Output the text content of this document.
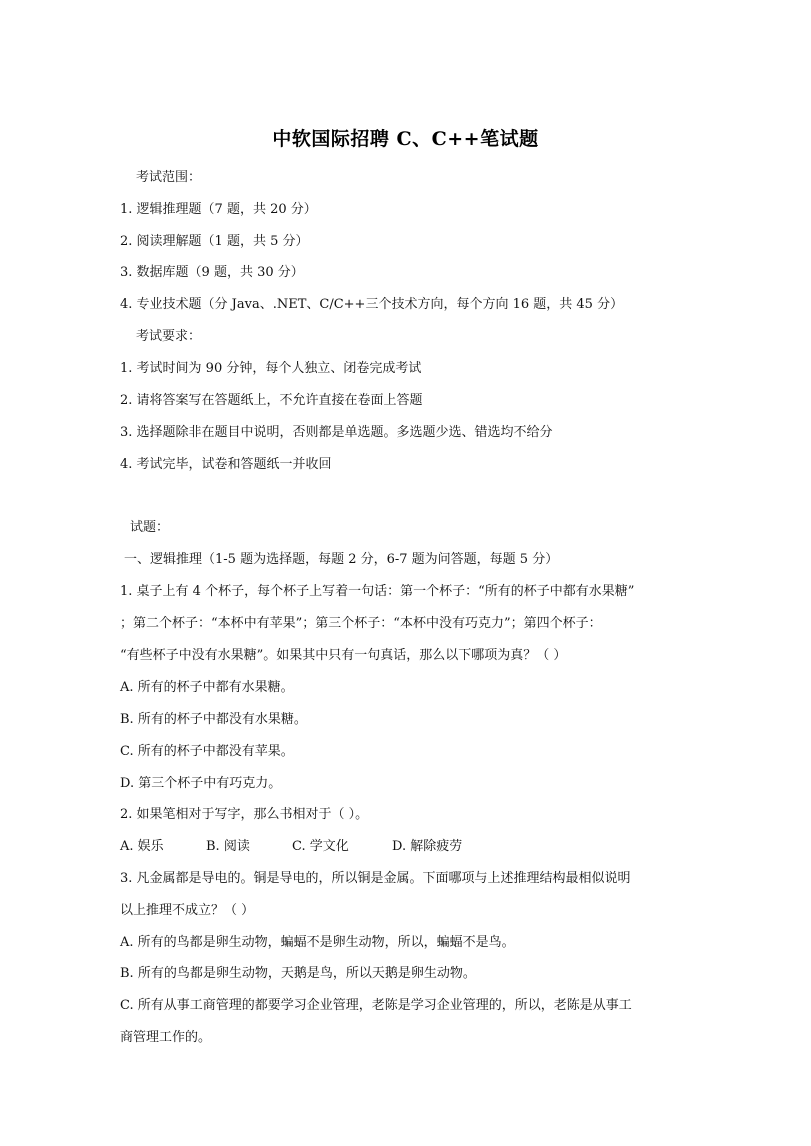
中软国际招聘 C、C++笔试题
考试范围：
1. 逻辑推理题（7 题，共 20 分）
2. 阅读理解题（1 题，共 5 分）
3. 数据库题（9 题，共 30 分）
4. 专业技术题（分 Java、.NET、C/C++三个技术方向，每个方向 16 题，共 45 分）
考试要求：
1. 考试时间为 90 分钟，每个人独立、闭卷完成考试
2. 请将答案写在答题纸上，不允许直接在卷面上答题
3. 选择题除非在题目中说明，否则都是单选题。多选题少选、错选均不给分
4. 考试完毕，试卷和答题纸一并收回
试题：
一、逻辑推理（1-5 题为选择题，每题 2 分，6-7 题为问答题，每题 5 分）
1. 桌子上有 4 个杯子，每个杯子上写着一句话：第一个杯子：“所有的杯子中都有水果糖”
；第二个杯子：“本杯中有苹果”；第三个杯子：“本杯中没有巧克力”；第四个杯子：
“有些杯子中没有水果糖”。如果其中只有一句真话，那么以下哪项为真？（ ）
A. 所有的杯子中都有水果糖。
B. 所有的杯子中都没有水果糖。
C. 所有的杯子中都没有苹果。
D. 第三个杯子中有巧克力。
2. 如果笔相对于写字，那么书相对于（ ）。
A. 娱乐	B. 阅读	C. 学文化	D. 解除疲劳
3. 凡金属都是导电的。铜是导电的，所以铜是金属。下面哪项与上述推理结构最相似说明
以上推理不成立？（ ）
A. 所有的鸟都是卵生动物，蝙蝠不是卵生动物，所以，蝙蝠不是鸟。
B. 所有的鸟都是卵生动物，天鹅是鸟，所以天鹅是卵生动物。
C. 所有从事工商管理的都要学习企业管理，老陈是学习企业管理的，所以，老陈是从事工
商管理工作的。
